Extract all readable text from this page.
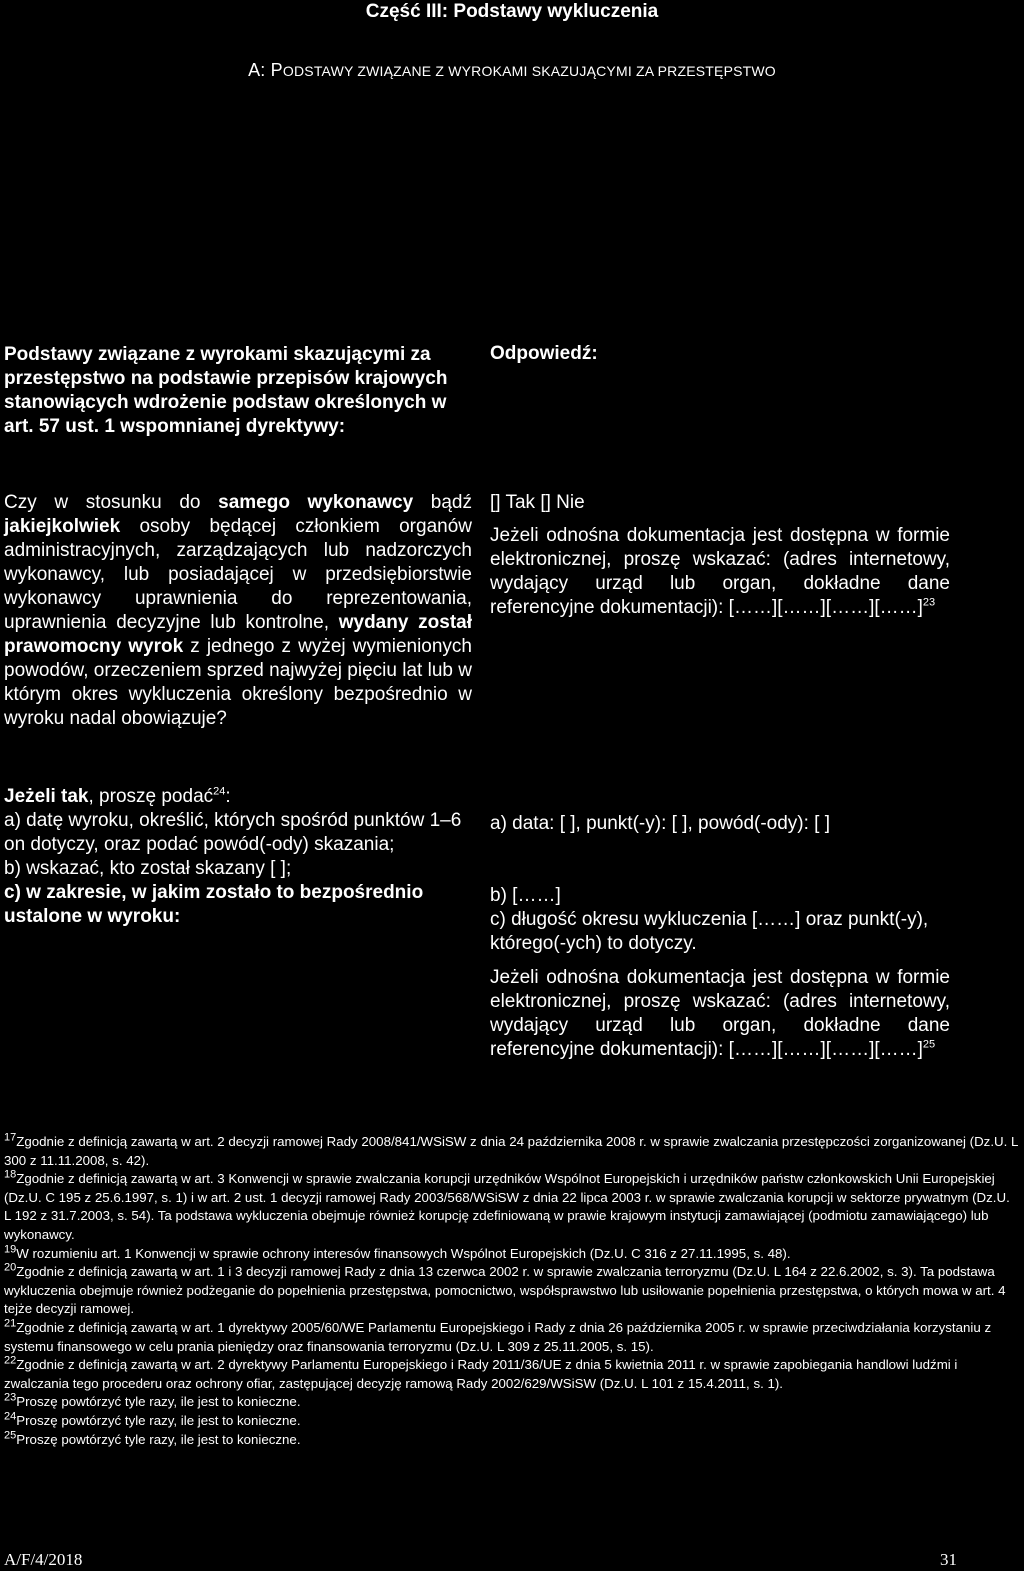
Część III: Podstawy wykluczenia
A: PODSTAWY ZWIĄZANE Z WYROKAMI SKAZUJĄCYMI ZA PRZESTĘPSTWO
Podstawy związane z wyrokami skazującymi za przestępstwo na podstawie przepisów krajowych stanowiących wdrożenie podstaw określonych w art. 57 ust. 1 wspomnianej dyrektywy:
Odpowiedź:
Czy w stosunku do samego wykonawcy bądź jakiejkolwiek osoby będącej członkiem organów administracyjnych, zarządzających lub nadzorczych wykonawcy, lub posiadającej w przedsiębiorstwie wykonawcy uprawnienia do reprezentowania, uprawnienia decyzyjne lub kontrolne, wydany został prawomocny wyrok z jednego z wyżej wymienionych powodów, orzeczeniem sprzed najwyżej pięciu lat lub w którym okres wykluczenia określony bezpośrednio w wyroku nadal obowiązuje?
[] Tak [] Nie
Jeżeli odnośna dokumentacja jest dostępna w formie elektronicznej, proszę wskazać: (adres internetowy, wydający urząd lub organ, dokładne dane referencyjne dokumentacji): [……][……][……][……]$^{23}$
Jeżeli tak, proszę podać$^{24}$:
a) datę wyroku, określić, których spośród punktów 1–6 on dotyczy, oraz podać powód(-ody) skazania;
b) wskazać, kto został skazany [ ];
c) w zakresie, w jakim zostało to bezpośrednio ustalone w wyroku:
a) data: [ ], punkt(-y): [ ], powód(-ody): [ ]
b) [……]
c) długość okresu wykluczenia [……] oraz punkt(-y), którego(-ych) to dotyczy.
Jeżeli odnośna dokumentacja jest dostępna w formie elektronicznej, proszę wskazać: (adres internetowy, wydający urząd lub organ, dokładne dane referencyjne dokumentacji): [……][……][……][……]$^{25}$

$^{17}$Zgodnie z definicją zawartą w art. 2 decyzji ramowej Rady 2008/841/WSiSW z dnia 24 października 2008 r. w sprawie zwalczania przestępczości zorganizowanej (Dz.U. L 300 z 11.11.2008, s. 42).

$^{18}$Zgodnie z definicją zawartą w art. 3 Konwencji w sprawie zwalczania korupcji urzędników Wspólnot Europejskich i urzędników państw członkowskich Unii Europejskiej (Dz.U. C 195 z 25.6.1997, s. 1) i w art. 2 ust. 1 decyzji ramowej Rady 2003/568/WSiSW z dnia 22 lipca 2003 r. w sprawie zwalczania korupcji w sektorze prywatnym (Dz.U. L 192 z 31.7.2003, s. 54). Ta podstawa wykluczenia obejmuje również korupcję zdefiniowaną w prawie krajowym instytucji zamawiającej (podmiotu zamawiającego) lub wykonawcy.

$^{19}$W rozumieniu art. 1 Konwencji w sprawie ochrony interesów finansowych Wspólnot Europejskich (Dz.U. C 316 z 27.11.1995, s. 48).

$^{20}$Zgodnie z definicją zawartą w art. 1 i 3 decyzji ramowej Rady z dnia 13 czerwca 2002 r. w sprawie zwalczania terroryzmu (Dz.U. L 164 z 22.6.2002, s. 3). Ta podstawa wykluczenia obejmuje również podżeganie do popełnienia przestępstwa, pomocnictwo, współsprawstwo lub usiłowanie popełnienia przestępstwa, o których mowa w art. 4 tejże decyzji ramowej.

$^{21}$Zgodnie z definicją zawartą w art. 1 dyrektywy 2005/60/WE Parlamentu Europejskiego i Rady z dnia 26 października 2005 r. w sprawie przeciwdziałania korzystaniu z systemu finansowego w celu prania pieniędzy oraz finansowania terroryzmu (Dz.U. L 309 z 25.11.2005, s. 15).

$^{22}$Zgodnie z definicją zawartą w art. 2 dyrektywy Parlamentu Europejskiego i Rady 2011/36/UE z dnia 5 kwietnia 2011 r. w sprawie zapobiegania handlowi ludźmi i zwalczania tego procederu oraz ochrony ofiar, zastępującej decyzję ramową Rady 2002/629/WSiSW (Dz.U. L 101 z 15.4.2011, s. 1).

$^{23}$Proszę powtórzyć tyle razy, ile jest to konieczne.

$^{24}$Proszę powtórzyć tyle razy, ile jest to konieczne.

$^{25}$Proszę powtórzyć tyle razy, ile jest to konieczne.

A/F/4/2018	31
